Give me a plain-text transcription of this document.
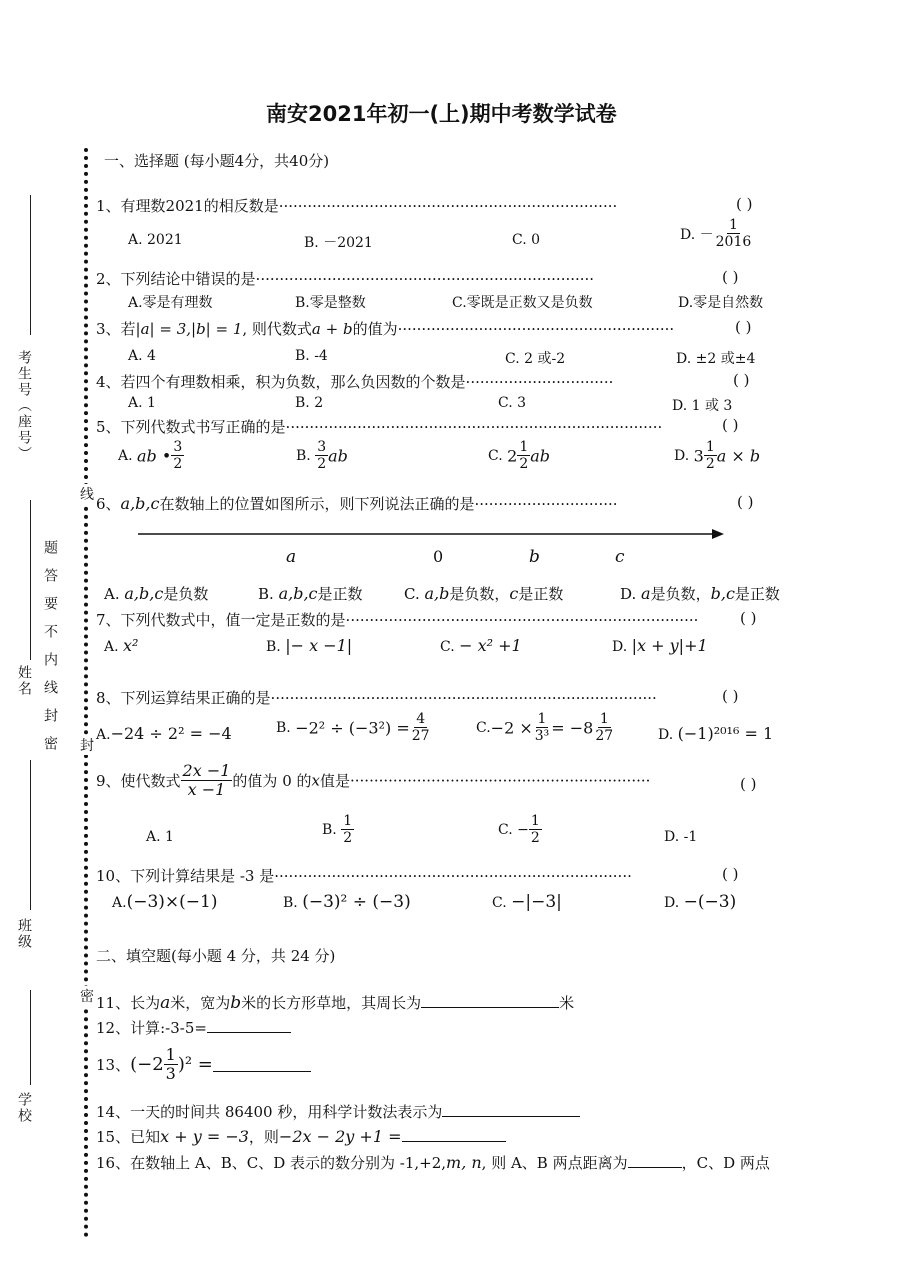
考生号（座号）
姓名 题答要不内线封密
班级
学校
线
封
密
南安2021年初一(上)期中考数学试卷
一、选择题 (每小题4分，共40分)
1、有理数2021的相反数是·······································································	( )
A. 2021	B. －2021	C. 0	D. － $\frac{1}{2016}$
2、下列结论中错误的是·······································································	( )
A.零是有理数	B.零是整数	C.零既是正数又是负数	D.零是自然数
3、若|a| = 3,|b| = 1, 则代数式a + b的值为··························································	( )
A. 4	B. -4	C. 2 或-2	D. ±2 或±4
4、若四个有理数相乘，积为负数，那么负因数的个数是·······························	( )
A. 1	B. 2	C. 3	D. 1 或 3
5、下列代数式书写正确的是···············································································	( )
A. ab • $\frac{3}{2}$	B. $\frac{3}{2}$ ab	C. $2 \frac{1}{2}$ ab	D. $3 \frac{1}{2}$ a × b
6、a,b,c在数轴上的位置如图所示，则下列说法正确的是······························	( )
a	0	b	c
A. a,b,c是负数	B. a,b,c是正数	C. a,b是负数，c是正数	D. a是负数，b,c是正数
7、下列代数式中，值一定是正数的是··········································································	( )
A. x²	B. |− x −1|	C. − x² +1	D. |x + y|+1
8、下列运算结果正确的是·················································································	( )
A.−24 ÷ 2² = −4	B. $-2^2 \div (-3^2) = \frac{4}{27}$	$C.-2 \times \frac{1}{\text{3³}} = -8 \frac{1}{27}$	D. (−1)²⁰¹⁶ = 1
9、使代数式 $\frac{2x -1}{x -1}$ 的值为 0 的x值是·······························································	( )
A. 1	B. $\frac{1}{2}$	C. − $\frac{1}{2}$	D. -1
10、下列计算结果是 -3 是···········································································	( )
A.(−3)×(−1)	B. (−3)² ÷ (−3)	C. −|−3|	D. −(−3)
二、填空题(每小题 4 分，共 24 分)
11、长为a米，宽为b米的长方形草地，其周长为	米
12、计算:-3-5=
13、$(-2 \frac{1}{3} )^2$ =
14、一天的时间共 86400 秒，用科学计数法表示为
15、已知x + y = −3，则−2x − 2y +1 =
16、在数轴上 A、B、C、D 表示的数分别为 -1,+2,m, n, 则 A、B 两点距离为	，C、D 两点
